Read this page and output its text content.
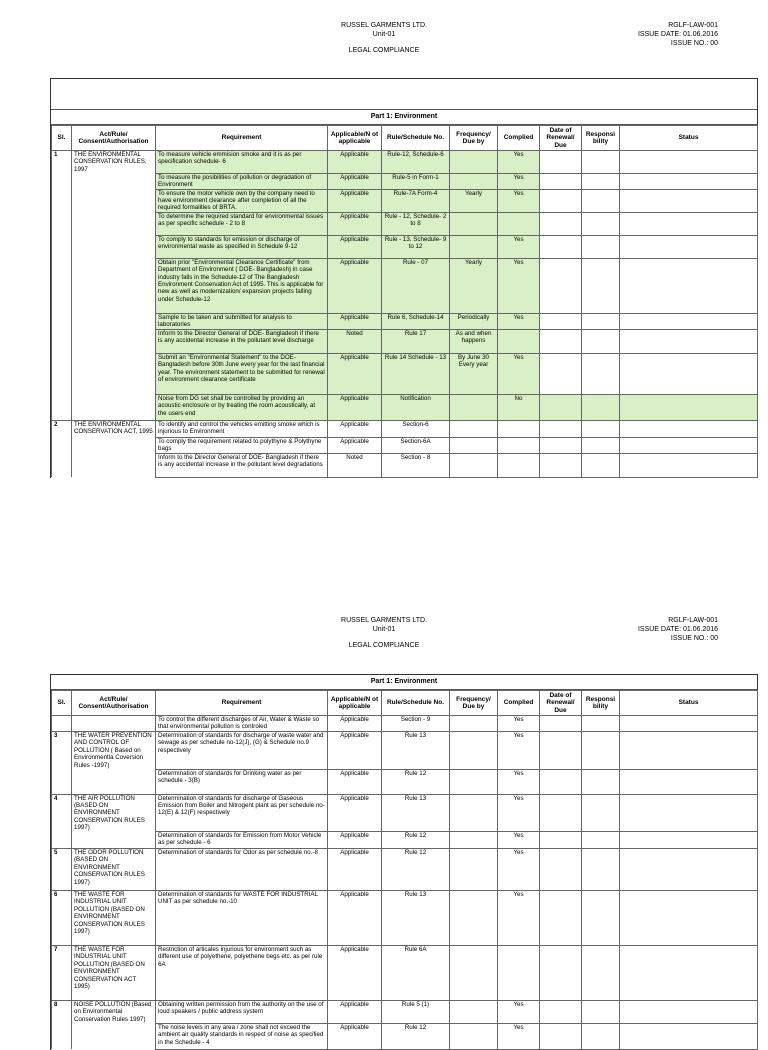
RUSSEL GARMENTS LTD.
Unit-01
LEGAL COMPLIANCE
RGLF-LAW-001
ISSUE DATE: 01.06.2016
ISSUE NO.: 00
Part 1: Environment
Sl.	Act/Rule/ Consent/Authorisation	Requirement	Applicable/N ot applicable	Rule/Schedule No.	Frequency/ Due by	Complied	Date of Renewal/ Due	Responsi bility	Status
1	THE ENVIRONMENTAL CONSERVATION RULES, 1997	To measure vehicle emmision smoke and it is as per specification schedule- 6	Applicable	Rule-12, Schedule-6		Yes			
		To measure the posibilities of pollution or degradation of Environment	Applicable	Rule-5 in Form-1		Yes			
		To ensure the motor vehicle own by the company need to have environment clearance after completion of all the required formalities of BRTA.	Applicable	Rule-7A Form-4	Yearly	Yes			
		To determine the required standard for environmental issues as per specific schedule - 2 to 8	Applicable	Rule - 12, Schedule- 2 to 8					
		To comply to standards for emission or discharge of environmental waste as specified in Schedule 9-12	Applicable	Rule - 13, Schedule- 9 to 12		Yes			
		Obtain prior "Environmental Clearance Certificate" from Department of Environment ( DOE- Bangladesh) in case industry falls in the Schedule-12 of The Bangladesh Environment Conservation Act of 1995. This is applicable for new as well as modernization/ expansion projects falling under Schedule-12	Applicable	Rule - 07	Yearly	Yes			
		Sample to be taken and submitted for analysis to laboratories	Applicable	Rule 6, Schedule-14	Periodically	Yes			
		Inform to the Director General of DOE- Bangladesh if there is any accidental increase in the pollutant level discharge	Noted	Rule 17	As and when happens				
		Submit an "Environmental Statement" to the DOE-Bangladesh before 30th June every year for the last financial year. The environment statement to be submitted for renewal of environment clearance certificate	Applicable	Rule 14 Schedule - 13	By June 30 Every year	Yes			
		Noise from DG set shall be controlled by providing an acoustic enclosure or by treating the room acoustically, at the users end	Applicable	Notification		No			
2	THE ENVIRONMENTAL CONSERVATION ACT, 1995	To identify and control the vehicles emitting smoke which is injurious to Environment	Applicable	Section-6					
		To comply the requirement related to polythyne & Polythyne bags	Applicable	Section-6A					
		Inform to the Director General of DOE- Bangladesh if there is any accidental increase in the pollutant level degradations	Noted	Section - 8					
RUSSEL GARMENTS LTD.
Unit-01
LEGAL COMPLIANCE
RGLF-LAW-001
ISSUE DATE: 01.06.2016
ISSUE NO.: 00
Part 1: Environment
Sl.	Act/Rule/ Consent/Authorisation	Requirement	Applicable/N ot applicable	Rule/Schedule No.	Frequency/ Due by	Complied	Date of Renewal/ Due	Responsi bility	Status
		To control the different discharges of Air, Water & Waste so that environmental pollution is controled	Applicable	Section - 9		Yes			
3	THE WATER PREVENTION AND CONTROL OF POLLUTION ( Based on Environmentla Coversion Rules -1997)	Determination of standards for discharge of waste water and sewage as per schedule no-12(J), (G) & Schedule no.9 respectively	Applicable	Rule 13		Yes			
		Determination of standards for Drinking water as per schedule - 3(B)	Applicable	Rule 12		Yes			
4	THE AIR POLLUTION (BASED ON ENVIRONMENT CONSERVATION RULES 1997)	Determination of standards for discharge of Gaseous Emission from Boiler and Nitrogent plant as per schedule no-12(E) & 12(F) respectively	Applicable	Rule 13		Yes			
		Determination of standards for Emission from Motor Vehicle as per schedule - 6	Applicable	Rule 12		Yes			
5	THE ODOR POLLUTION (BASED ON ENVIRONMENT CONSERVATION RULES 1997)	Determination of standards for Odor as per schedule no.-8	Applicable	Rule 12		Yes			
6	THE WASTE FOR INDUSTRIAL UNIT POLLUTION (BASED ON ENVIRONMENT CONSERVATION RULES 1997)	Determination of standards for WASTE FOR INDUSTRIAL UNIT as per schedule no.-10	Applicable	Rule 13		Yes			
7	THE WASTE FOR INDUSTRIAL UNIT POLLUTION (BASED ON ENVIRONMENT CONSERVATION ACT 1995)	Restriction of articales injurious for environment such as different use of polyethene, polyethene begs etc. as per rule 6A	Applicable	Rule 6A					
8	NOISE POLLUTION (Based on Environmental Conservation Rules 1997)	Obtaining written permission from the authority on the use of loud speakers / public address system	Applicable	Rule 5 (1)		Yes			
		The noise levels in any area / zone shall not exceed the ambient air quality standards in respect of noise as specified in the Schedule - 4	Applicable	Rule 12		Yes			
